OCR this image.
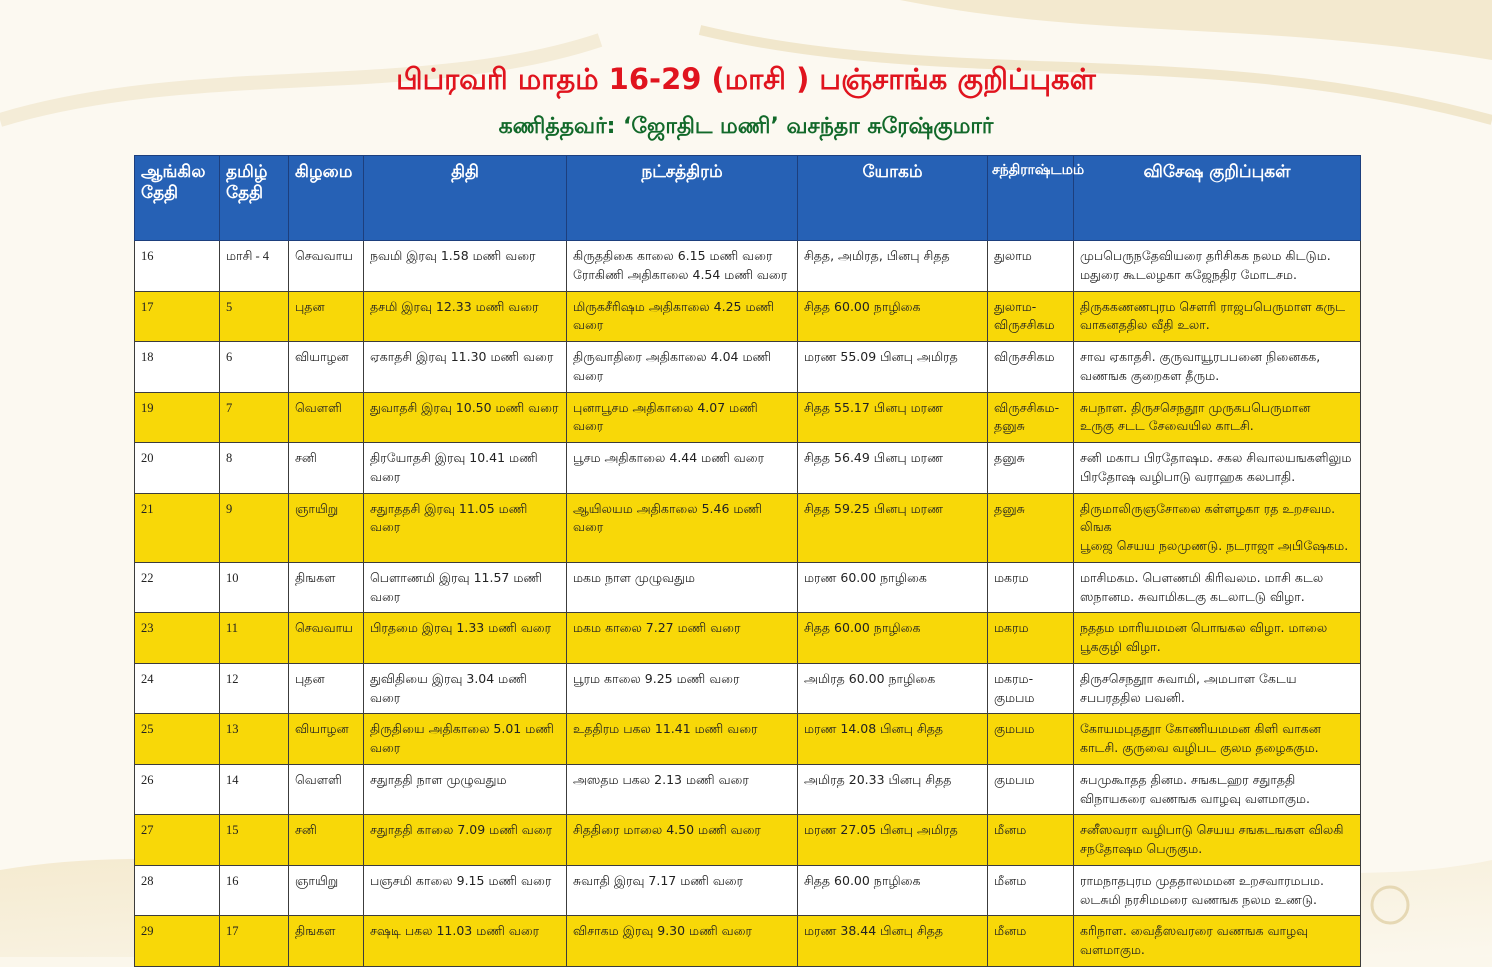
பிப்ரவரி மாதம் 16-29 (மாசி ) பஞ்சாங்க குறிப்புகள்
கணித்தவர்: ‘ஜோதிட மணி’ வசந்தா சுரேஷ்குமார்
ஆங்கில
தேதி	தமிழ்
தேதி	கிழமை	திதி	நட்சத்திரம்	யோகம்	சந்திராஷ்டமம்	விசேஷ குறிப்புகள்
16	மாசி - 4	செவவாய	நவமி இரவு 1.58 மணி வரை	கிருததிகை காலை 6.15 மணி வரை
ரோகிணி அதிகாலை 4.54 மணி வரை	சிதத, அமிரத, பினபு சிதத	துலாம	முபபெருநதேவியரை தரிசிகக நலம கிடடும.
மதுரை கூடலழகா கஜேநதிர மோடசம.
17	5	புதன	தசமி இரவு 12.33 மணி வரை	மிருகசீரிஷம அதிகாலை 4.25 மணி வரை	சிதத 60.00 நாழிகை	துலாம-விருசசிகம	திருககணணபுரம சௌரி ராஜபபெருமாள கருட
வாகனததில வீதி உலா.
18	6	வியாழன	ஏகாதசி இரவு 11.30 மணி வரை	திருவாதிரை அதிகாலை 4.04 மணி வரை	மரண 55.09 பினபு அமிரத	விருசசிகம	சாவ ஏகாதசி. குருவாயூரபபனை நினைகக,
வணஙக குறைகள தீரும.
19	7	வெளளி	துவாதசி இரவு 10.50 மணி வரை	புனாபூசம அதிகாலை 4.07 மணி வரை	சிதத 55.17 பினபு மரண	விருசசிகம-தனுசு	சுபநாள. திருசசெநதூா முருகபபெருமான
உருகு சடட சேவையில காடசி.
20	8	சனி	திரயோதசி இரவு 10.41 மணி வரை	பூசம அதிகாலை 4.44 மணி வரை	சிதத 56.49 பினபு மரண	தனுசு	சனி மகாப பிரதோஷம. சகல சிவாலயஙகளிலும
பிரதோஷ வழிபாடு வராஹக கலபாதி.
21	9	ஞாயிறு	சதுாததசி இரவு 11.05 மணி வரை	ஆயிலயம அதிகாலை 5.46 மணி வரை	சிதத 59.25 பினபு மரண	தனுசு	திருமாலிருஞசோலை கள்ளழகா ரத உறசவம. லிஙக
பூஜை செயய நலமுணடு. நடராஜா அபிஷேகம.
22	10	திஙகள	பௌாணமி இரவு 11.57 மணி வரை	மகம நாள முழுவதும	மரண 60.00 நாழிகை	மகரம	மாசிமகம. பௌணமி கிரிவலம. மாசி கடல
ஸநானம. சுவாமிகடகு கடலாடடு விழா.
23	11	செவவாய	பிரதமை இரவு 1.33 மணி வரை	மகம காலை 7.27 மணி வரை	சிதத 60.00 நாழிகை	மகரம	நததம மாரியமமன பொஙகல விழா. மாலை பூககுழி விழா.
24	12	புதன	துவிதியை இரவு 3.04 மணி வரை	பூரம காலை 9.25 மணி வரை	அமிரத 60.00 நாழிகை	மகரம-குமபம	திருசசெநதூா சுவாமி, அமபாள கேடய சபபரததில பவனி.
25	13	வியாழன	திருதியை அதிகாலை 5.01 மணி வரை	உததிரம பகல 11.41 மணி வரை	மரண 14.08 பினபு சிதத	குமபம	கோயமபுததூா கோணியமமன கிளி வாகன
காடசி. குருவை வழிபட குலம தழைககும.
26	14	வெளளி	சதுாததி நாள முழுவதும	அஸதம பகல 2.13 மணி வரை	அமிரத 20.33 பினபு சிதத	குமபம	சுபமுகூாதத தினம. சஙகடஹர சதுாததி
விநாயகரை வணஙக வாழவு வளமாகும.
27	15	சனி	சதுாததி காலை 7.09 மணி வரை	சிததிரை மாலை 4.50 மணி வரை	மரண 27.05 பினபு அமிரத	மீனம	சனீஸவரா வழிபாடு செயய சஙகடஙகள விலகி
சநதோஷம பெருகும.
28	16	ஞாயிறு	பஞசமி காலை 9.15 மணி வரை	சுவாதி இரவு 7.17 மணி வரை	சிதத 60.00 நாழிகை	மீனம	ராமநாதபுரம முததாலமமன உறசவாரமபம.
லடசுமி நரசிமமரை வணஙக நலம உணடு.
29	17	திஙகள	சஷடி பகல 11.03 மணி வரை	விசாகம இரவு 9.30 மணி வரை	மரண 38.44 பினபு சிதத	மீனம	கரிநாள. வைதீஸவரரை வணஙக வாழவு வளமாகும.
